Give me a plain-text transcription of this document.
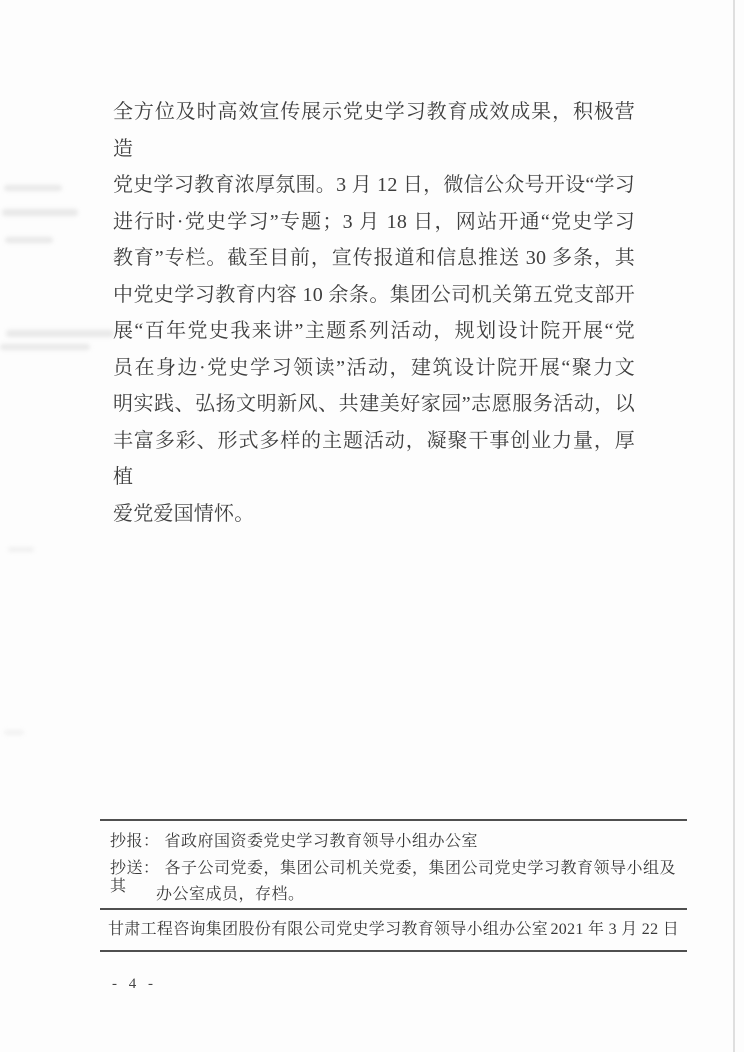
全方位及时高效宣传展示党史学习教育成效成果，积极营造

党史学习教育浓厚氛围。3 月 12 日，微信公众号开设“学习

进行时·党史学习”专题；3 月 18 日，网站开通“党史学习

教育”专栏。截至目前，宣传报道和信息推送 30 多条，其

中党史学习教育内容 10 余条。集团公司机关第五党支部开

展“百年党史我来讲”主题系列活动，规划设计院开展“党

员在身边·党史学习领读”活动，建筑设计院开展“聚力文

明实践、弘扬文明新风、共建美好家园”志愿服务活动，以

丰富多彩、形式多样的主题活动，凝聚干事创业力量，厚植

爱党爱国情怀。

抄报： 省政府国资委党史学习教育领导小组办公室
抄送： 各子公司党委，集团公司机关党委，集团公司党史学习教育领导小组及其	办公室成员，存档。
甘肃工程咨询集团股份有限公司党史学习教育领导小组办公室 2021 年 3 月 22 日
- 4 -
